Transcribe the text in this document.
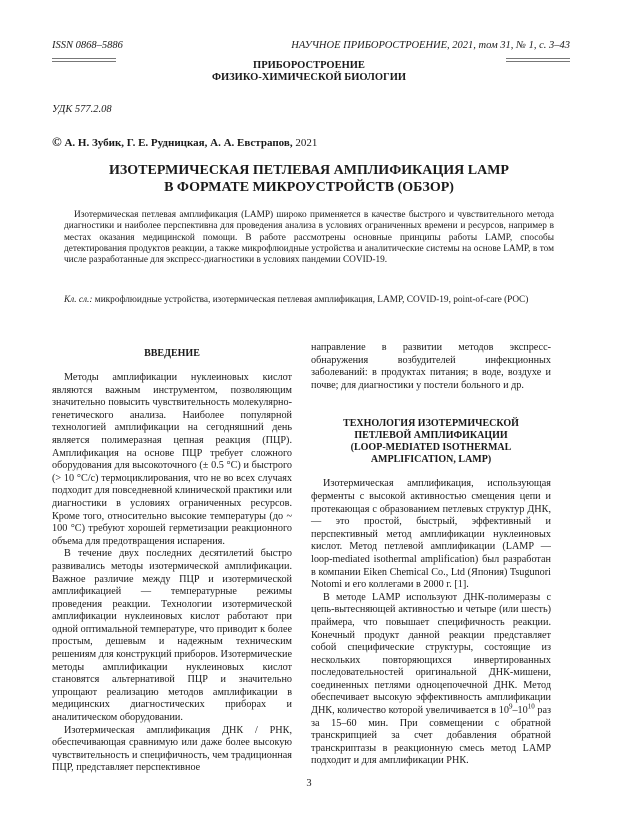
ISSN 0868–5886	НАУЧНОЕ ПРИБОРОСТРОЕНИЕ, 2021, том 31, № 1, с. 3–43
ПРИБОРОСТРОЕНИЕ
ФИЗИКО-ХИМИЧЕСКОЙ БИОЛОГИИ
УДК 577.2.08
© А. Н. Зубик, Г. Е. Рудницкая, А. А. Евстрапов, 2021
ИЗОТЕРМИЧЕСКАЯ ПЕТЛЕВАЯ АМПЛИФИКАЦИЯ LAMP
В ФОРМАТЕ МИКРОУСТРОЙСТВ (ОБЗОР)
Изотермическая петлевая амплификация (LAMP) широко применяется в качестве быстрого и чувствительного метода диагностики и наиболее перспективна для проведения анализа в условиях ограниченных времени и ресурсов, например в местах оказания медицинской помощи. В работе рассмотрены основные принципы работы LAMP, способы детектирования продуктов реакции, а также микрофлюидные устройства и аналитические системы на основе LAMP, в том числе разработанные для экспресс-диагностики в условиях пандемии COVID-19.
Кл. сл.: микрофлюидные устройства, изотермическая петлевая амплификация, LAMP, COVID-19, point-of-care (POC)
ВВЕДЕНИЕ

Методы амплификации нуклеиновых кислот являются важным инструментом, позволяющим значительно повысить чувствительность молекулярно-генетического анализа. Наиболее популярной технологией амплификации на сегодняшний день является полимеразная цепная реакция (ПЦР). Амплификация на основе ПЦР требует сложного оборудования для высокоточного (± 0.5 °С) и быстрого (> 10 °С/с) термоциклирования, что не во всех случаях подходит для повседневной клинической практики или диагностики в условиях ограниченных ресурсов. Кроме того, относительно высокие температуры (до ~ 100 °С) требуют хорошей герметизации реакционного объема для предотвращения испарения.

В течение двух последних десятилетий быстро развивались методы изотермической амплификации. Важное различие между ПЦР и изотермической амплификацией — температурные режимы проведения реакции. Технологии изотермической амплификации нуклеиновых кислот работают при одной оптимальной температуре, что приводит к более простым, дешевым и надежным техническим решениям для конструкций приборов. Изотермические методы амплификации нуклеиновых кислот становятся альтернативой ПЦР и значительно упрощают реализацию методов амплификации в медицинских диагностических приборах и аналитическом оборудовании.

Изотермическая амплификация ДНК / РНК, обеспечивающая сравнимую или даже более высокую чувствительность и специфичность, чем традиционная ПЦР, представляет перспективное

направление в развитии методов экспресс-обнаружения возбудителей инфекционных заболеваний: в продуктах питания; в воде, воздухе и почве; для диагностики у постели больного и др.

ТЕХНОЛОГИЯ ИЗОТЕРМИЧЕСКОЙ
ПЕТЛЕВОЙ АМПЛИФИКАЦИИ
(LOOP-MEDIATED ISOTHERMAL
AMPLIFICATION, LAMP)

Изотермическая амплификация, использующая ферменты с высокой активностью смещения цепи и протекающая с образованием петлевых структур ДНК, — это простой, быстрый, эффективный и перспективный метод амплификации нуклеиновых кислот. Метод петлевой амплификации (LAMP — loop-mediated isothermal amplification) был разработан в компании Eiken Chemical Co., Ltd (Япония) Tsugunori Notomi и его коллегами в 2000 г. [1].

В методе LAMP используют ДНК-полимеразы с цепь-вытесняющей активностью и четыре (или шесть) праймера, что повышает специфичность реакции. Конечный продукт данной реакции представляет собой специфические структуры, состоящие из нескольких повторяющихся инвертированных последовательностей оригинальной ДНК-мишени, соединенных петлями одноцепочечной ДНК. Метод обеспечивает высокую эффективность амплификации ДНК, количество которой увеличивается в $10^9-10^{10}$ раз за 15–60 мин. При совмещении с обратной транскрипцией за счет добавления обратной транскриптазы в реакционную смесь метод LAMP подходит и для амплификации РНК.

3
